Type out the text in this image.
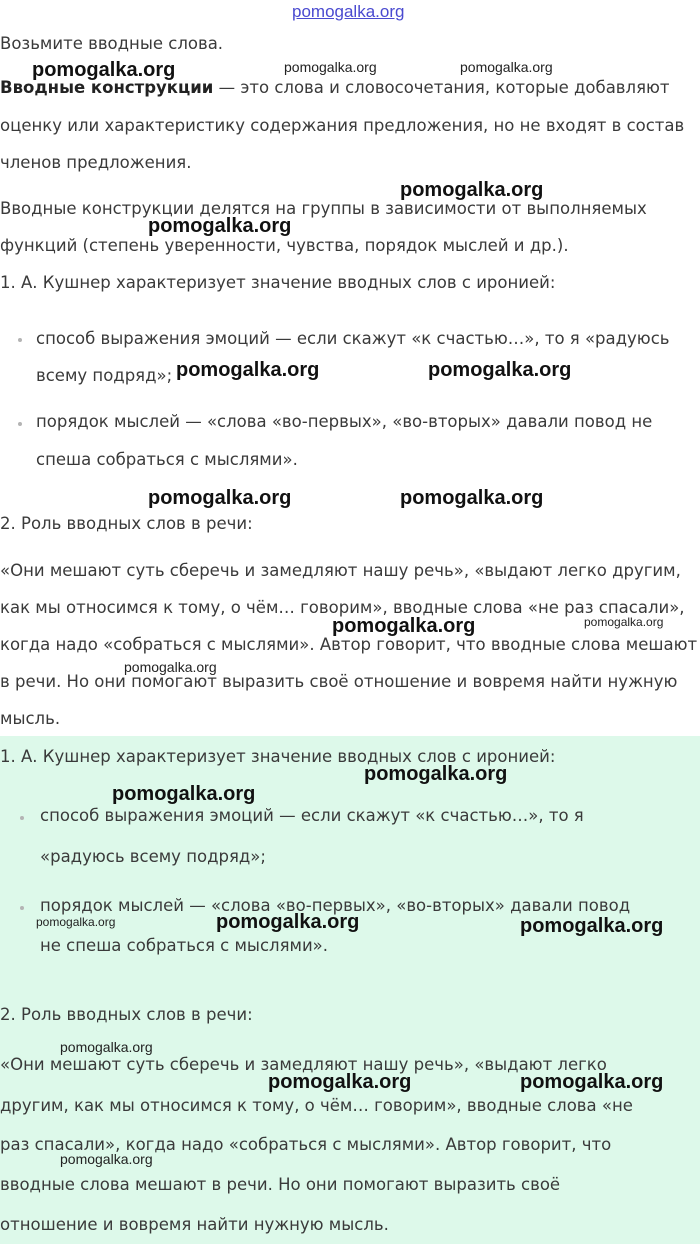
pomogalka.org

Возьмите вводные слова.

Вводные конструкции — это слова и словосочетания, которые добавляют

оценку или характеристику содержания предложения, но не входят в состав

членов предложения.

Вводные конструкции делятся на группы в зависимости от выполняемых

функций (степень уверенности, чувства, порядок мыслей и др.).

1. А. Кушнер характеризует значение вводных слов с иронией:

способ выражения эмоций — если скажут «к счастью…», то я «радуюсь

всему подряд»;

порядок мыслей — «слова «во-первых», «во-вторых» давали повод не

спеша собраться с мыслями».

2. Роль вводных слов в речи:

«Они мешают суть сберечь и замедляют нашу речь», «выдают легко другим,

как мы относимся к тому, о чём… говорим», вводные слова «не раз спасали»,

когда надо «собраться с мыслями». Автор говорит, что вводные слова мешают

в речи. Но они помогают выразить своё отношение и вовремя найти нужную

мысль.

1. А. Кушнер характеризует значение вводных слов с иронией:

способ выражения эмоций — если скажут «к счастью…», то я

«радуюсь всему подряд»;

порядок мыслей — «слова «во-первых», «во-вторых» давали повод

не спеша собраться с мыслями».

2. Роль вводных слов в речи:

«Они мешают суть сберечь и замедляют нашу речь», «выдают легко

другим, как мы относимся к тому, о чём… говорим», вводные слова «не

раз спасали», когда надо «собраться с мыслями». Автор говорит, что

вводные слова мешают в речи. Но они помогают выразить своё

отношение и вовремя найти нужную мысль.

pomogalka.org	pomogalka.org	pomogalka.org
pomogalka.org
pomogalka.org
pomogalka.org	pomogalka.org
pomogalka.org	pomogalka.org
pomogalka.org	pomogalka.org
pomogalka.org
pomogalka.org
pomogalka.org
pomogalka.org	pomogalka.org	pomogalka.org
pomogalka.org
pomogalka.org	pomogalka.org
pomogalka.org
